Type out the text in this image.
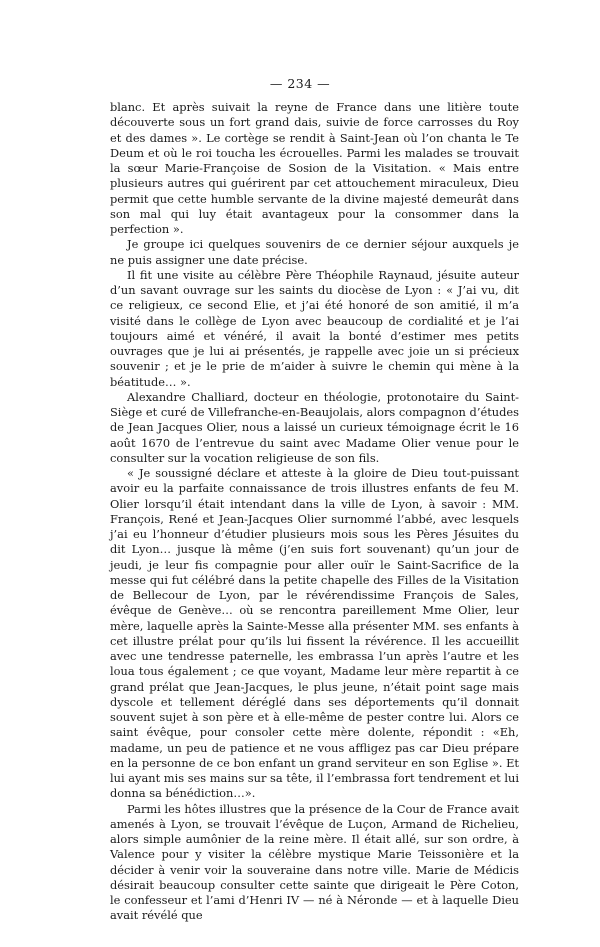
— 234 —

blanc. Et après suivait la reyne de France dans une litière toute découverte sous un fort grand dais, suivie de force carrosses du Roy et des dames ». Le cortège se rendit à Saint-Jean où l’on chanta le Te Deum et où le roi toucha les écrouelles. Parmi les malades se trouvait la sœur Marie-Françoise de Sosion de la Visitation. « Mais entre plusieurs autres qui guérirent par cet attouchement miraculeux, Dieu permit que cette humble servante de la divine majesté demeurât dans son mal qui luy était avantageux pour la consommer dans la perfection ».

Je groupe ici quelques souvenirs de ce dernier séjour auxquels je ne puis assigner une date précise.

Il fit une visite au célèbre Père Théophile Raynaud, jésuite auteur d’un savant ouvrage sur les saints du diocèse de Lyon : « J’ai vu, dit ce religieux, ce second Elie, et j’ai été honoré de son amitié, il m’a visité dans le collège de Lyon avec beaucoup de cordialité et je l’ai toujours aimé et vénéré, il avait la bonté d’estimer mes petits ouvrages que je lui ai présentés, je rappelle avec joie un si précieux souvenir ; et je le prie de m’aider à suivre le chemin qui mène à la béatitude… ».

Alexandre Challiard, docteur en théologie, protonotaire du Saint-Siège et curé de Villefranche-en-Beaujolais, alors compagnon d’études de Jean Jacques Olier, nous a laissé un curieux témoignage écrit le 16 août 1670 de l’entrevue du saint avec Madame Olier venue pour le consulter sur la vocation religieuse de son fils.

« Je soussigné déclare et atteste à la gloire de Dieu tout-puissant avoir eu la parfaite connaissance de trois illustres enfants de feu M. Olier lorsqu’il était intendant dans la ville de Lyon, à savoir : MM. François, René et Jean-Jacques Olier surnommé l’abbé, avec lesquels j’ai eu l’honneur d’étudier plusieurs mois sous les Pères Jésuites du dit Lyon… jusque là même (j’en suis fort souvenant) qu’un jour de jeudi, je leur fis compagnie pour aller ouïr le Saint-Sacrifice de la messe qui fut célébré dans la petite chapelle des Filles de la Visitation de Bellecour de Lyon, par le révérendissime François de Sales, évêque de Genève… où se rencontra pareillement Mme Olier, leur mère, laquelle après la Sainte-Messe alla présenter MM. ses enfants à cet illustre prélat pour qu’ils lui fissent la révérence. Il les accueillit avec une tendresse paternelle, les embrassa l’un après l’autre et les loua tous également ; ce que voyant, Madame leur mère repartit à ce grand prélat que Jean-Jacques, le plus jeune, n’était point sage mais dyscole et tellement déréglé dans ses déportements qu’il donnait souvent sujet à son père et à elle-même de pester contre lui. Alors ce saint évêque, pour consoler cette mère dolente, répondit : «Eh, madame, un peu de patience et ne vous affligez pas car Dieu prépare en la personne de ce bon enfant un grand serviteur en son Eglise ». Et lui ayant mis ses mains sur sa tête, il l’embrassa fort tendrement et lui donna sa bénédiction…».

Parmi les hôtes illustres que la présence de la Cour de France avait amenés à Lyon, se trouvait l’évêque de Luçon, Armand de Richelieu, alors simple aumônier de la reine mère. Il était allé, sur son ordre, à Valence pour y visiter la célèbre mystique Marie Teissonière et la décider à venir voir la souveraine dans notre ville. Marie de Médicis désirait beaucoup consulter cette sainte que dirigeait le Père Coton, le confesseur et l’ami d’Henri IV — né à Néronde — et à laquelle Dieu avait révélé que
